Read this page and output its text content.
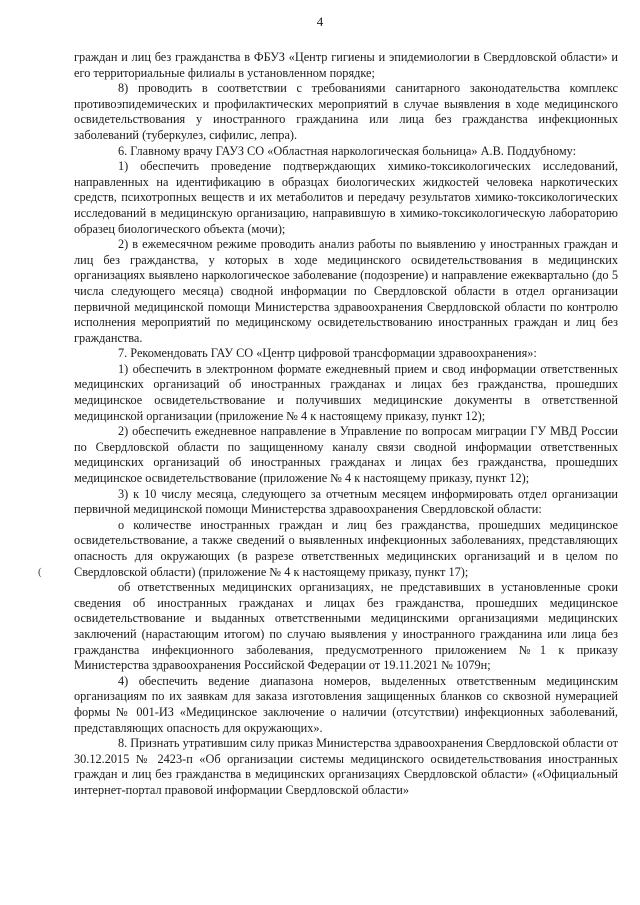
4
(

граждан и лиц без гражданства в ФБУЗ «Центр гигиены и эпидемиологии в Свердловской области» и его территориальные филиалы в установленном порядке;

8) проводить в соответствии с требованиями санитарного законодательства комплекс противоэпидемических и профилактических мероприятий в случае выявления в ходе медицинского освидетельствования у иностранного гражданина или лица без гражданства инфекционных заболеваний (туберкулез, сифилис, лепра).

6. Главному врачу ГАУЗ СО «Областная наркологическая больница» А.В. Поддубному:

1) обеспечить проведение подтверждающих химико-токсикологических исследований, направленных на идентификацию в образцах биологических жидкостей человека наркотических средств, психотропных веществ и их метаболитов и передачу результатов химико-токсикологических исследований в медицинскую организацию, направившую в химико-токсикологическую лабораторию образец биологического объекта (мочи);

2) в ежемесячном режиме проводить анализ работы по выявлению у иностранных граждан и лиц без гражданства, у которых в ходе медицинского освидетельствования в медицинских организациях выявлено наркологическое заболевание (подозрение) и направление ежеквартально (до 5 числа следующего месяца) сводной информации по Свердловской области в отдел организации первичной медицинской помощи Министерства здравоохранения Свердловской области по контролю исполнения мероприятий по медицинскому освидетельствованию иностранных граждан и лиц без гражданства.

7. Рекомендовать ГАУ СО «Центр цифровой трансформации здравоохранения»:

1) обеспечить в электронном формате ежедневный прием и свод информации ответственных медицинских организаций об иностранных гражданах и лицах без гражданства, прошедших медицинское освидетельствование и получивших медицинские документы в ответственной медицинской организации (приложение № 4 к настоящему приказу, пункт 12);

2) обеспечить ежедневное направление в Управление по вопросам миграции ГУ МВД России по Свердловской области по защищенному каналу связи сводной информации ответственных медицинских организаций об иностранных гражданах и лицах без гражданства, прошедших медицинское освидетельствование (приложение № 4 к настоящему приказу, пункт 12);

3) к 10 числу месяца, следующего за отчетным месяцем информировать отдел организации первичной медицинской помощи Министерства здравоохранения Свердловской области:

о количестве иностранных граждан и лиц без гражданства, прошедших медицинское освидетельствование, а также сведений о выявленных инфекционных заболеваниях, представляющих опасность для окружающих (в разрезе ответственных медицинских организаций и в целом по Свердловской области) (приложение № 4 к настоящему приказу, пункт 17);

об ответственных медицинских организациях, не представивших в установленные сроки сведения об иностранных гражданах и лицах без гражданства, прошедших медицинское освидетельствование и выданных ответственными медицинскими организациями медицинских заключений (нарастающим итогом) по случаю выявления у иностранного гражданина или лица без гражданства инфекционного заболевания, предусмотренного приложением №1 к приказу Министерства здравоохранения Российской Федерации от 19.11.2021 № 1079н;

4) обеспечить ведение диапазона номеров, выделенных ответственным медицинским организациям по их заявкам для заказа изготовления защищенных бланков со сквозной нумерацией формы № 001-ИЗ «Медицинское заключение о наличии (отсутствии) инфекционных заболеваний, представляющих опасность для окружающих».

8. Признать утратившим силу приказ Министерства здравоохранения Свердловской области от 30.12.2015 № 2423-п «Об организации системы медицинского освидетельствования иностранных граждан и лиц без гражданства в медицинских организациях Свердловской области» («Официальный интернет-портал правовой информации Свердловской области»
